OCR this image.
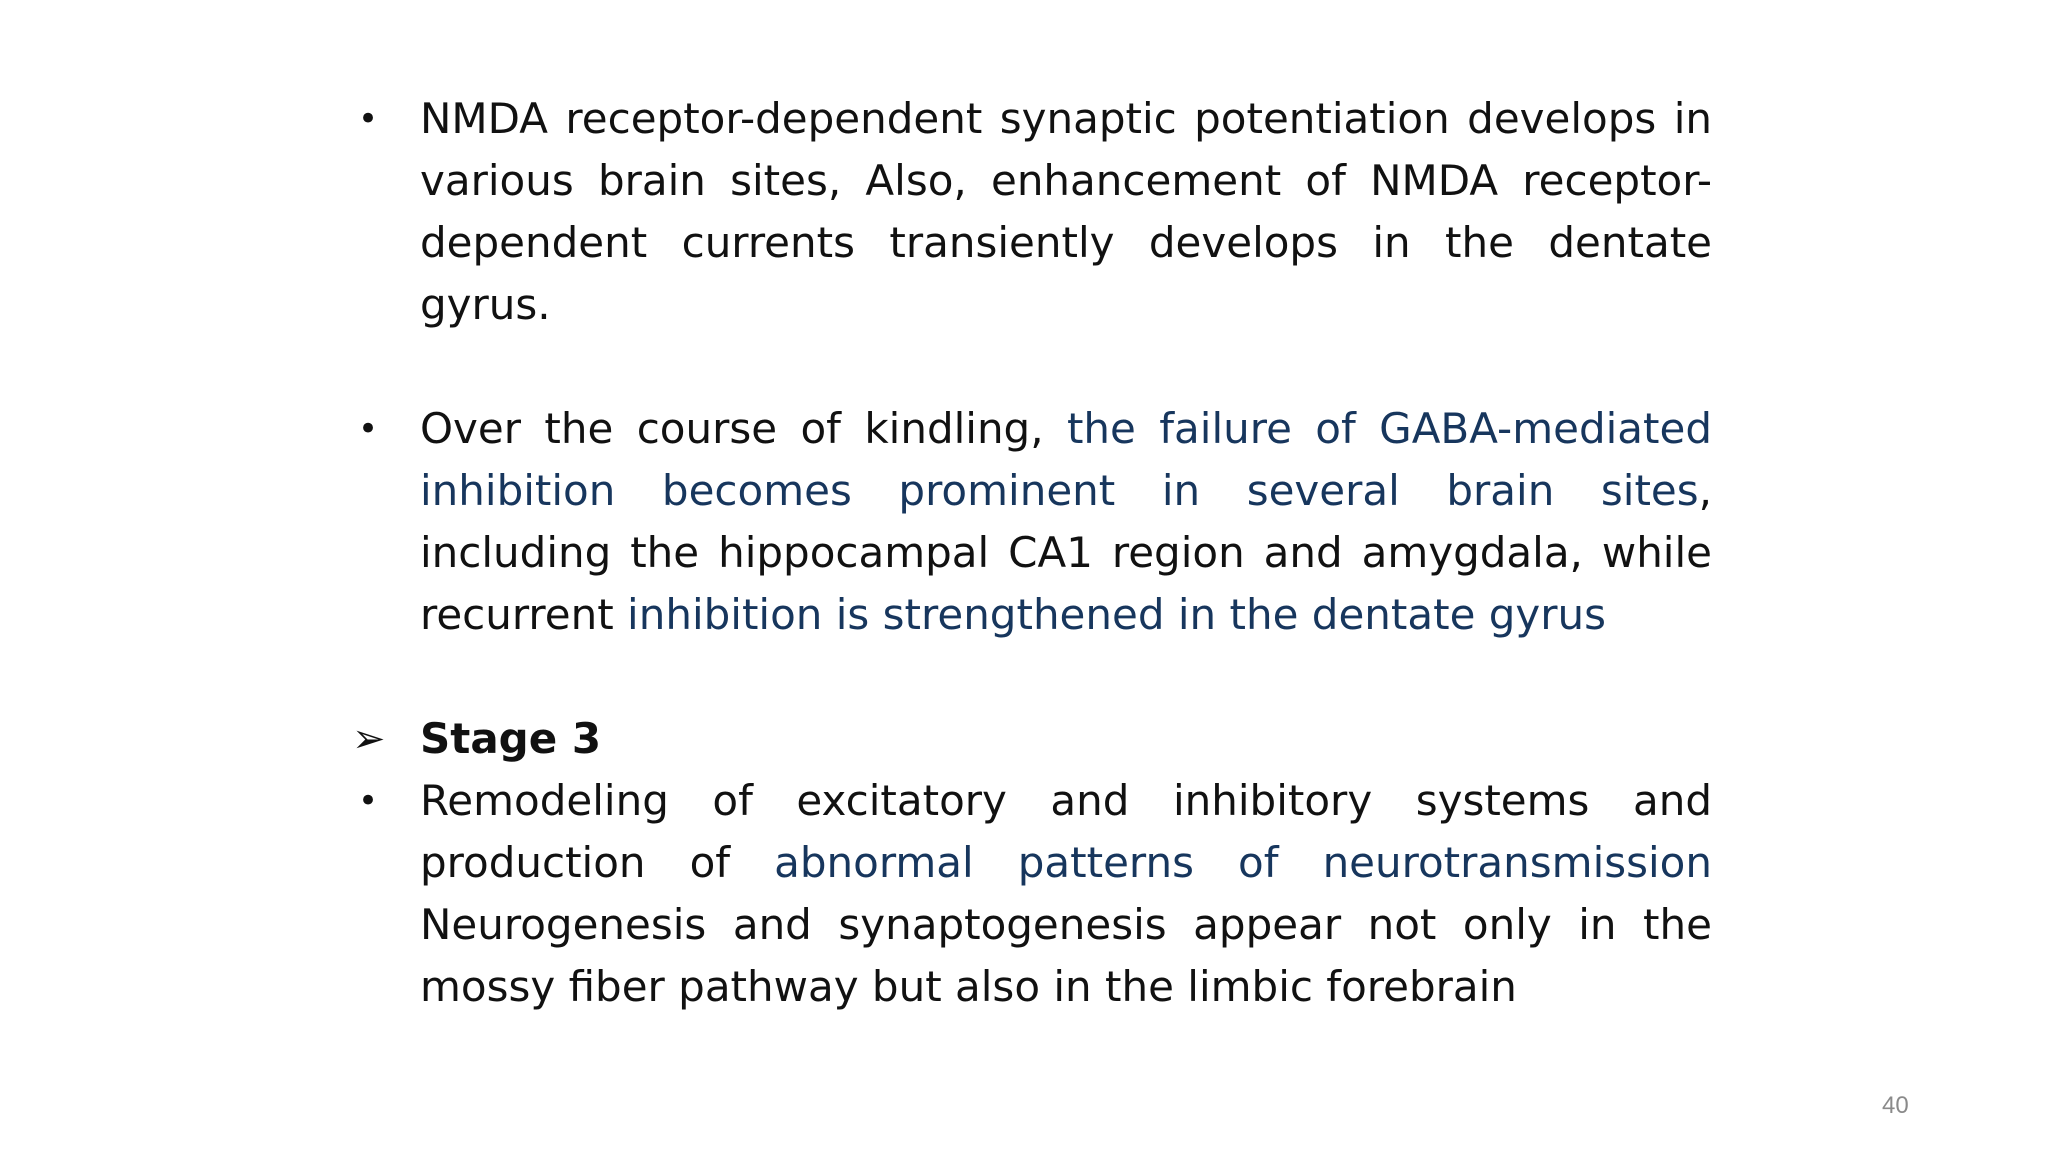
• NMDA receptor-dependent synaptic potentiation develops in various brain sites, Also, enhancement of NMDA receptor-dependent currents transiently develops in the dentate gyrus.
• Over the course of kindling, the failure of GABA-mediated inhibition becomes prominent in several brain sites, including the hippocampal CA1 region and amygdala, while recurrent inhibition is strengthened in the dentate gyrus
➢ Stage 3
• Remodeling of excitatory and inhibitory systems and production of abnormal patterns of neurotransmission Neurogenesis and synaptogenesis appear not only in the mossy fiber pathway but also in the limbic forebrain
40
